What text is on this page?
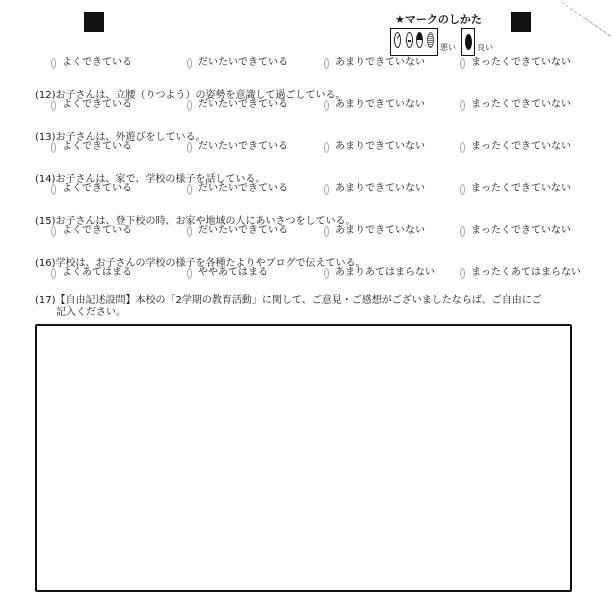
★マークのしかた
悪い	良い
よくできている	だいたいできている	あまりできていない	まったくできていない
(12)お子さんは、立腰（りつよう）の姿勢を意識して過ごしている。
よくできている	だいたいできている	あまりできていない	まったくできていない
(13)お子さんは、外遊びをしている。
よくできている	だいたいできている	あまりできていない	まったくできていない
(14)お子さんは、家で、学校の様子を話している。
よくできている	だいたいできている	あまりできていない	まったくできていない
(15)お子さんは、登下校の時、お家や地域の人にあいさつをしている。
よくできている	だいたいできている	あまりできていない	まったくできていない
(16)学校は、お子さんの学校の様子を各種たよりやブログで伝えている。
よくあてはまる	ややあてはまる	あまりあてはまらない	まったくあてはまらない
(17)【自由記述設問】本校の「2学期の教育活動」に関して、ご意見・ご感想がございましたならば、ご自由にご
記入ください。
